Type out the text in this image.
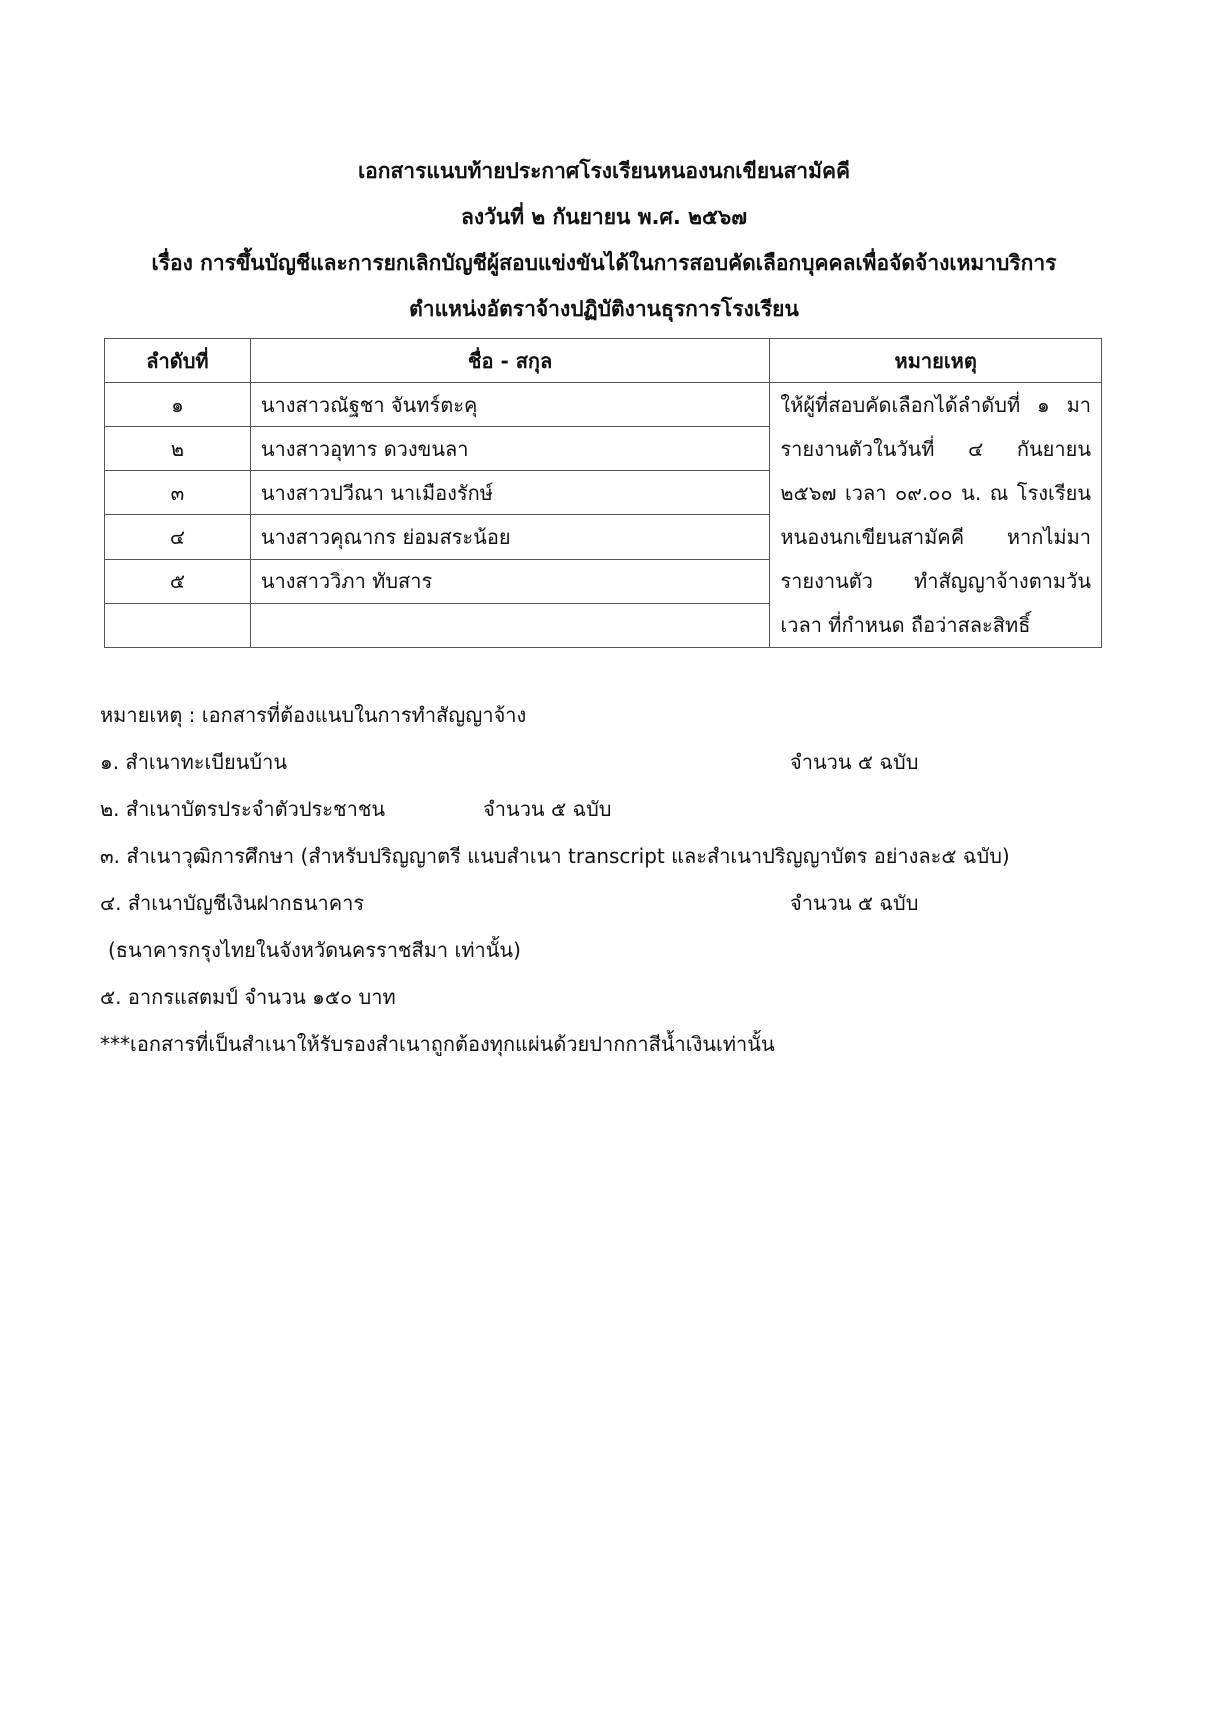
เอกสารแนบท้ายประกาศโรงเรียนหนองนกเขียนสามัคคี
ลงวันที่ ๒ กันยายน พ.ศ. ๒๕๖๗
เรื่อง การขึ้นบัญชีและการยกเลิกบัญชีผู้สอบแข่งขันได้ในการสอบคัดเลือกบุคคลเพื่อจัดจ้างเหมาบริการ
ตำแหน่งอัตราจ้างปฏิบัติงานธุรการโรงเรียน
ลำดับที่	ชื่อ - สกุล	หมายเหตุ
๑	นางสาวณัฐชา จันทร์ตะคุ	ให้ผู้ที่สอบคัดเลือกได้ลำดับที่ ๑ มารายงานตัวในวันที่ ๔ กันยายน ๒๕๖๗ เวลา ๐๙.๐๐ น. ณ โรงเรียนหนองนกเขียนสามัคคี หากไม่มารายงานตัว ทำสัญญาจ้างตามวันเวลา ที่กำหนด ถือว่าสละสิทธิ์
๒	นางสาวอุทาร ดวงขนลา	
๓	นางสาวปวีณา นาเมืองรักษ์	
๔	นางสาวคุณากร ย่อมสระน้อย	
๕	นางสาววิภา ทับสาร	

หมายเหตุ : เอกสารที่ต้องแนบในการทำสัญญาจ้าง
๑. สำเนาทะเบียนบ้าน	จำนวน ๕ ฉบับ
๒. สำเนาบัตรประจำตัวประชาชน	จำนวน ๕ ฉบับ
๓. สำเนาวุฒิการศึกษา (สำหรับปริญญาตรี แนบสำเนา transcript และสำเนาปริญญาบัตร อย่างละ๕ ฉบับ)
๔. สำเนาบัญชีเงินฝากธนาคาร	จำนวน ๕ ฉบับ
(ธนาคารกรุงไทยในจังหวัดนครราชสีมา เท่านั้น)
๕. อากรแสตมป์ จำนวน ๑๕๐ บาท
***เอกสารที่เป็นสำเนาให้รับรองสำเนาถูกต้องทุกแผ่นด้วยปากกาสีน้ำเงินเท่านั้น
